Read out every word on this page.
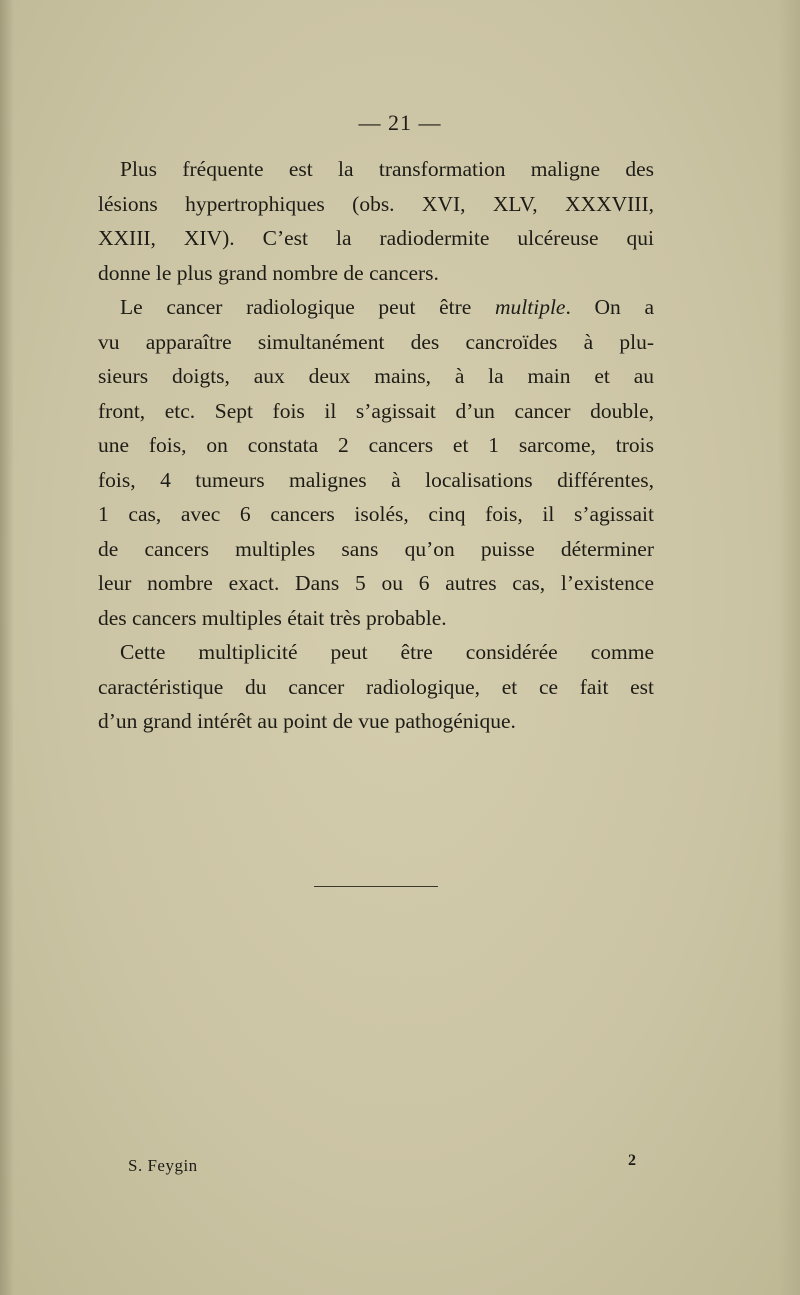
— 21 —
Plus fréquente est la transformation maligne des
lésions hypertrophiques (obs. XVI, XLV, XXXVIII,
XXIII, XIV). C’est la radiodermite ulcéreuse qui
donne le plus grand nombre de cancers.
Le cancer radiologique peut être multiple. On a
vu apparaître simultanément des cancroïdes à plu-
sieurs doigts, aux deux mains, à la main et au
front, etc. Sept fois il s’agissait d’un cancer double,
une fois, on constata 2 cancers et 1 sarcome, trois
fois, 4 tumeurs malignes à localisations différentes,
1 cas, avec 6 cancers isolés, cinq fois, il s’agissait
de cancers multiples sans qu’on puisse déterminer
leur nombre exact. Dans 5 ou 6 autres cas, l’existence
des cancers multiples était très probable.
Cette multiplicité peut être considérée comme
caractéristique du cancer radiologique, et ce fait est
d’un grand intérêt au point de vue pathogénique.
S. Feygin	2
